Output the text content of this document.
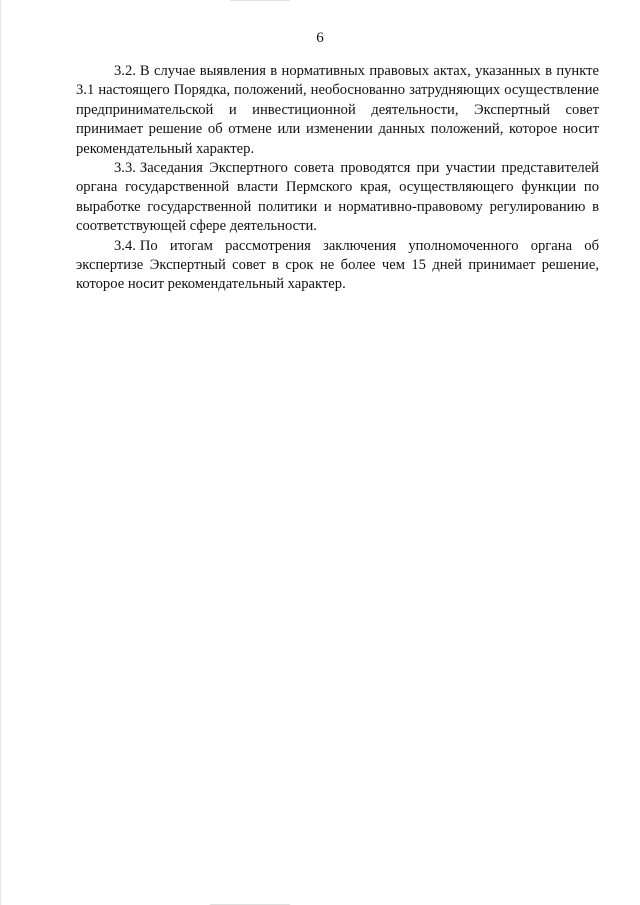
6

3.2. В случае выявления в нормативных правовых актах, указанных в пункте 3.1 настоящего Порядка, положений, необоснованно затрудняющих осуществление предпринимательской и инвестиционной деятельности, Экспертный совет принимает решение об отмене или изменении данных положений, которое носит рекомендательный характер.

3.3. Заседания Экспертного совета проводятся при участии представителей органа государственной власти Пермского края, осуществляющего функции по выработке государственной политики и нормативно-правовому регулированию в соответствующей сфере деятельности.

3.4. По итогам рассмотрения заключения уполномоченного органа об экспертизе Экспертный совет в срок не более чем 15 дней принимает решение, которое носит рекомендательный характер.
